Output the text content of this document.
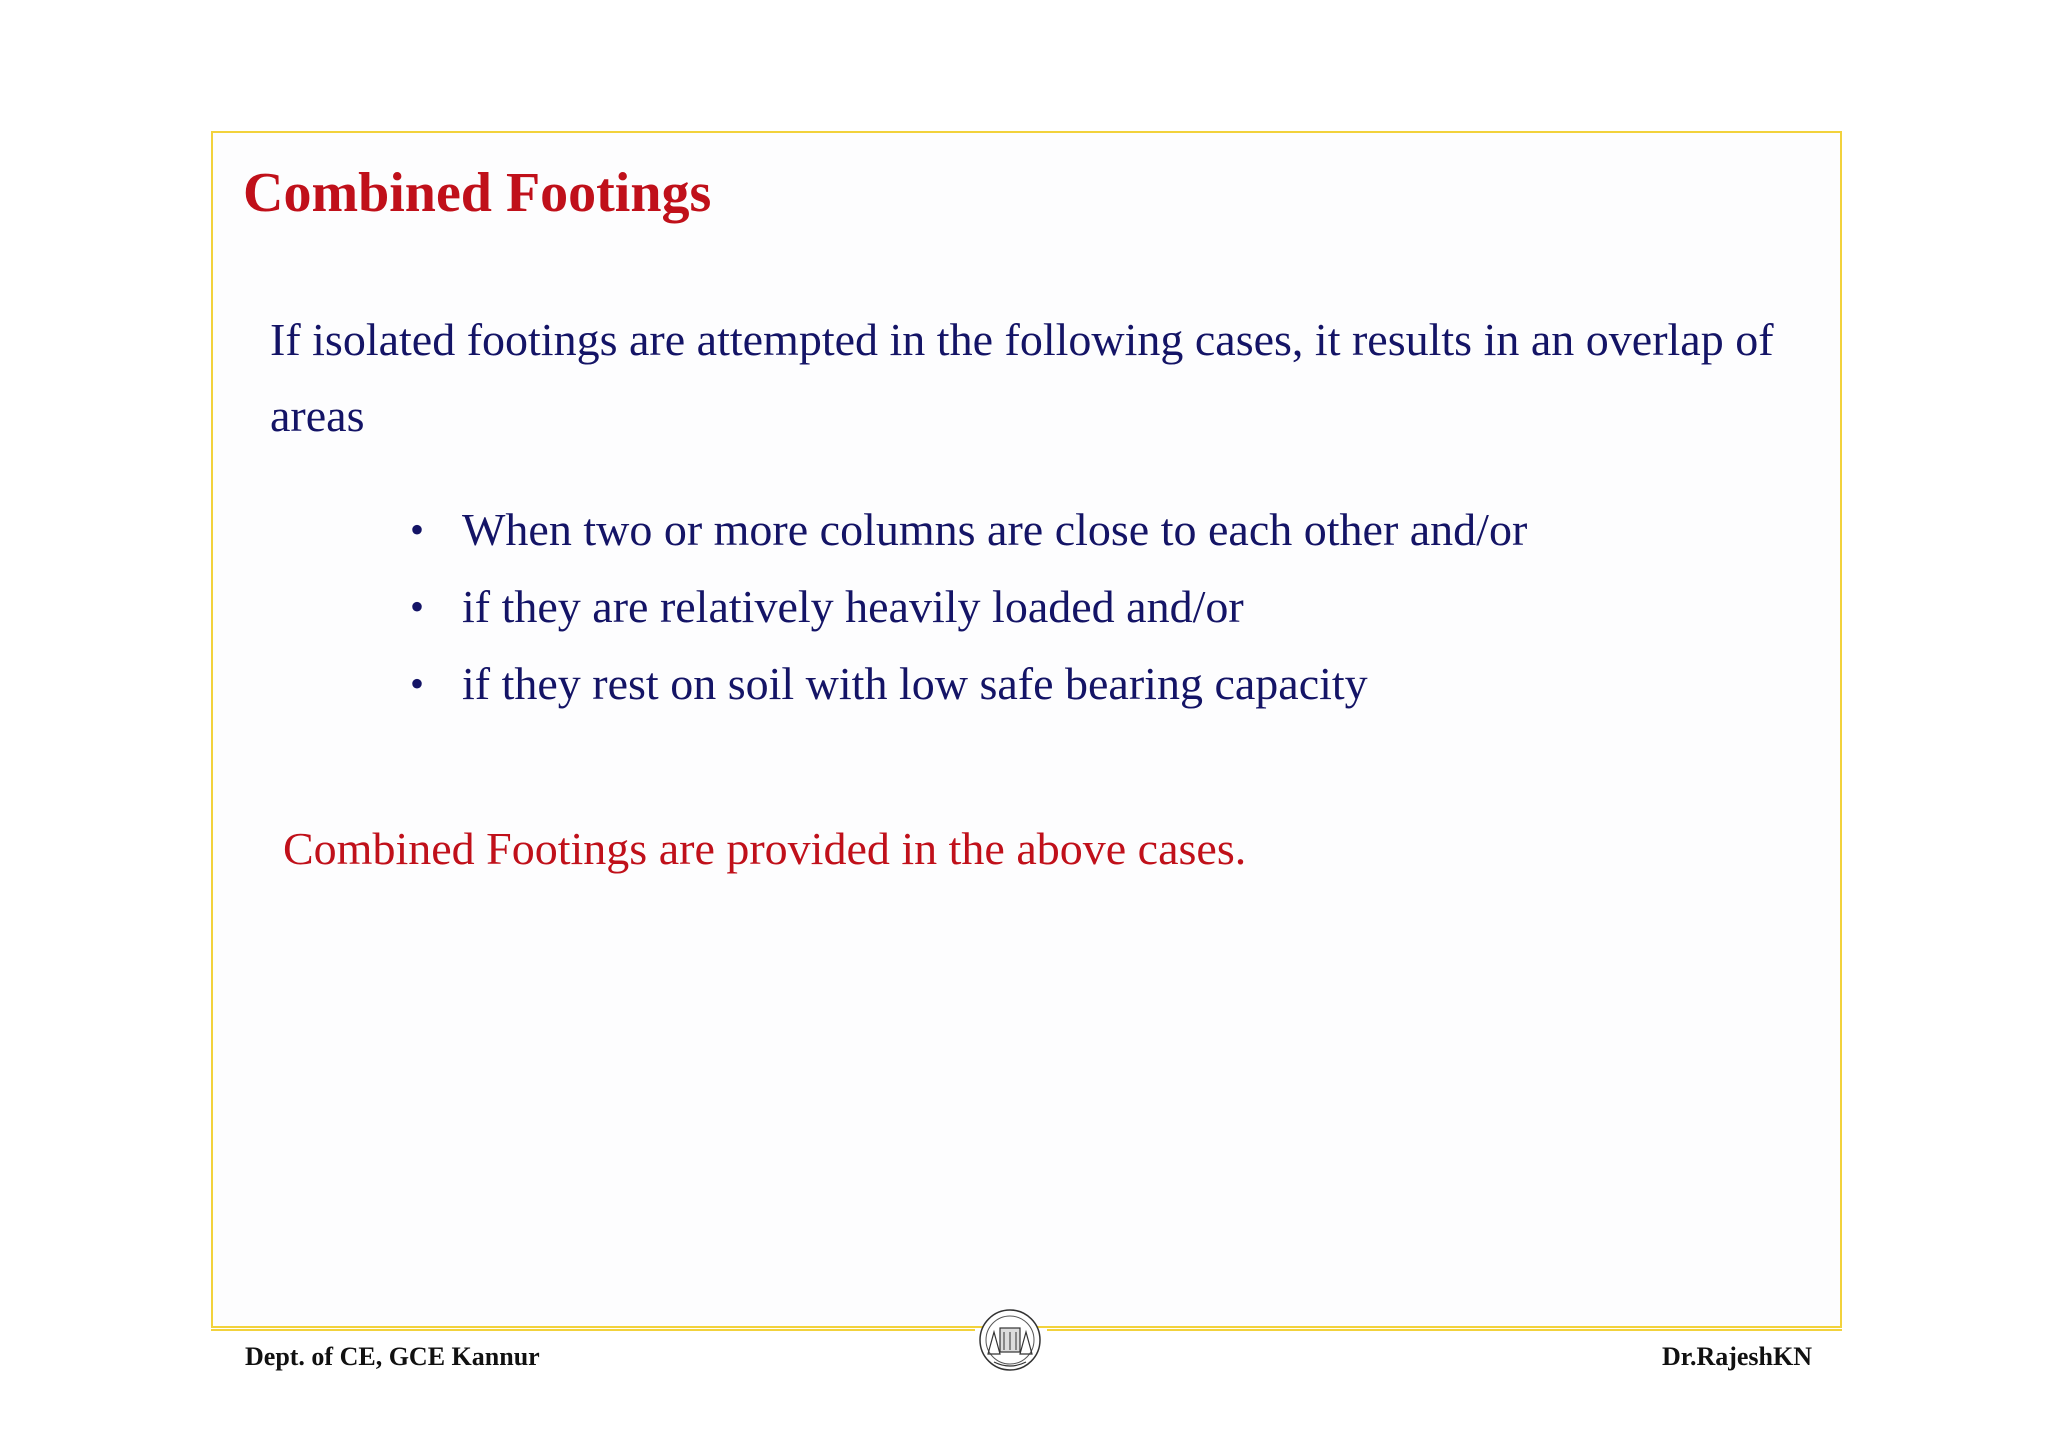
Combined Footings

If isolated footings are attempted in the following cases, it results in an overlap of areas

• When two or more columns are close to each other and/or
• if they are relatively heavily loaded and/or
• if they rest on soil with low safe bearing capacity

Combined Footings are provided in the above cases.

Dept. of CE, GCE Kannur	Dr.RajeshKN
